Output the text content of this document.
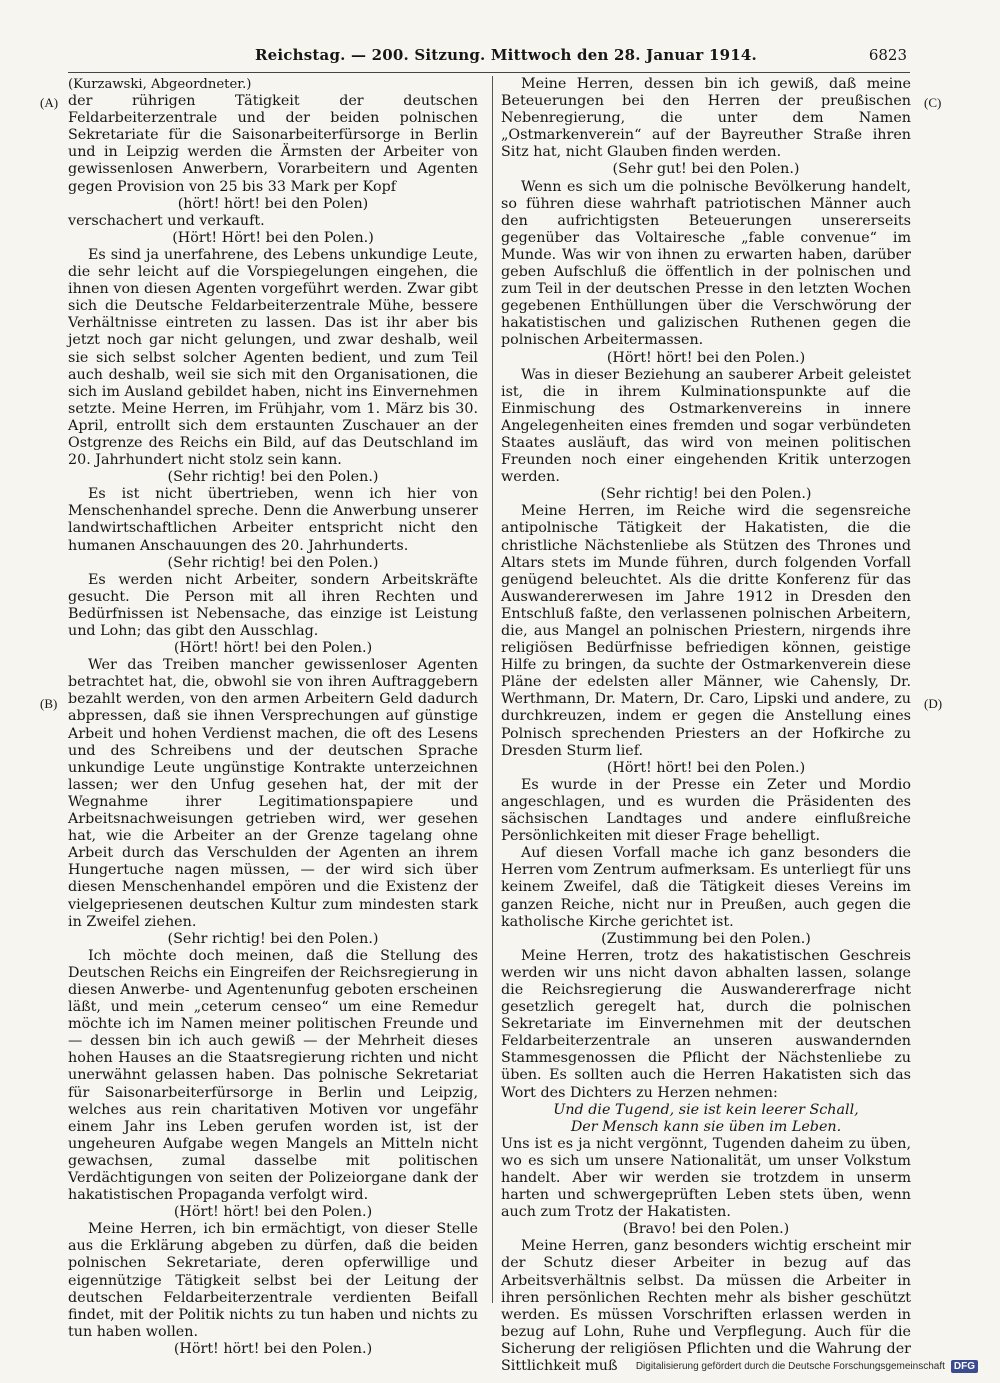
Reichstag. — 200. Sitzung. Mittwoch den 28. Januar 1914.	6823
(A)
(B)
(C)
(D)

(Kurzawski, Abgeordneter.)

der rührigen Tätigkeit der deutschen Feldarbeiterzentrale und der beiden polnischen Sekretariate für die Saisonarbeiterfürsorge in Berlin und in Leipzig werden die Ärmsten der Arbeiter von gewissenlosen Anwerbern, Vorarbeitern und Agenten gegen Provision von 25 bis 33 Mark per Kopf

(hört! hört! bei den Polen)

verschachert und verkauft.

(Hört! Hört! bei den Polen.)

Es sind ja unerfahrene, des Lebens unkundige Leute, die sehr leicht auf die Vorspiegelungen eingehen, die ihnen von diesen Agenten vorgeführt werden. Zwar gibt sich die Deutsche Feldarbeiterzentrale Mühe, bessere Verhältnisse eintreten zu lassen. Das ist ihr aber bis jetzt noch gar nicht gelungen, und zwar deshalb, weil sie sich selbst solcher Agenten bedient, und zum Teil auch deshalb, weil sie sich mit den Organisationen, die sich im Ausland gebildet haben, nicht ins Einvernehmen setzte. Meine Herren, im Frühjahr, vom 1. März bis 30. April, entrollt sich dem erstaunten Zuschauer an der Ostgrenze des Reichs ein Bild, auf das Deutschland im 20. Jahrhundert nicht stolz sein kann.

(Sehr richtig! bei den Polen.)

Es ist nicht übertrieben, wenn ich hier von Menschenhandel spreche. Denn die Anwerbung unserer landwirtschaftlichen Arbeiter entspricht nicht den humanen Anschauungen des 20. Jahrhunderts.

(Sehr richtig! bei den Polen.)

Es werden nicht Arbeiter, sondern Arbeitskräfte gesucht. Die Person mit all ihren Rechten und Bedürfnissen ist Nebensache, das einzige ist Leistung und Lohn; das gibt den Ausschlag.

(Hört! hört! bei den Polen.)

Wer das Treiben mancher gewissenloser Agenten betrachtet hat, die, obwohl sie von ihren Auftraggebern bezahlt werden, von den armen Arbeitern Geld dadurch abpressen, daß sie ihnen Versprechungen auf günstige Arbeit und hohen Verdienst machen, die oft des Lesens und des Schreibens und der deutschen Sprache unkundige Leute ungünstige Kontrakte unterzeichnen lassen; wer den Unfug gesehen hat, der mit der Wegnahme ihrer Legitimationspapiere und Arbeitsnachweisungen getrieben wird, wer gesehen hat, wie die Arbeiter an der Grenze tagelang ohne Arbeit durch das Verschulden der Agenten an ihrem Hungertuche nagen müssen, — der wird sich über diesen Menschenhandel empören und die Existenz der vielgepriesenen deutschen Kultur zum mindesten stark in Zweifel ziehen.

(Sehr richtig! bei den Polen.)

Ich möchte doch meinen, daß die Stellung des Deutschen Reichs ein Eingreifen der Reichsregierung in diesen Anwerbe- und Agentenunfug geboten erscheinen läßt, und mein „ceterum censeo“ um eine Remedur möchte ich im Namen meiner politischen Freunde und — dessen bin ich auch gewiß — der Mehrheit dieses hohen Hauses an die Staatsregierung richten und nicht unerwähnt gelassen haben. Das polnische Sekretariat für Saisonarbeiterfürsorge in Berlin und Leipzig, welches aus rein charitativen Motiven vor ungefähr einem Jahr ins Leben gerufen worden ist, ist der ungeheuren Aufgabe wegen Mangels an Mitteln nicht gewachsen, zumal dasselbe mit politischen Verdächtigungen von seiten der Polizeiorgane dank der hakatistischen Propaganda verfolgt wird.

(Hört! hört! bei den Polen.)

Meine Herren, ich bin ermächtigt, von dieser Stelle aus die Erklärung abgeben zu dürfen, daß die beiden polnischen Sekretariate, deren opferwillige und eigennützige Tätigkeit selbst bei der Leitung der deutschen Feldarbeiterzentrale verdienten Beifall findet, mit der Politik nichts zu tun haben und nichts zu tun haben wollen.

(Hört! hört! bei den Polen.)

Meine Herren, dessen bin ich gewiß, daß meine Beteuerungen bei den Herren der preußischen Nebenregierung, die unter dem Namen „Ostmarkenverein“ auf der Bayreuther Straße ihren Sitz hat, nicht Glauben finden werden.

(Sehr gut! bei den Polen.)

Wenn es sich um die polnische Bevölkerung handelt, so führen diese wahrhaft patriotischen Männer auch den aufrichtigsten Beteuerungen unsererseits gegenüber das Voltairesche „fable convenue“ im Munde. Was wir von ihnen zu erwarten haben, darüber geben Aufschluß die öffentlich in der polnischen und zum Teil in der deutschen Presse in den letzten Wochen gegebenen Enthüllungen über die Verschwörung der hakatistischen und galizischen Ruthenen gegen die polnischen Arbeitermassen.

(Hört! hört! bei den Polen.)

Was in dieser Beziehung an sauberer Arbeit geleistet ist, die in ihrem Kulminationspunkte auf die Einmischung des Ostmarkenvereins in innere Angelegenheiten eines fremden und sogar verbündeten Staates ausläuft, das wird von meinen politischen Freunden noch einer eingehenden Kritik unterzogen werden.

(Sehr richtig! bei den Polen.)

Meine Herren, im Reiche wird die segensreiche antipolnische Tätigkeit der Hakatisten, die die christliche Nächstenliebe als Stützen des Thrones und Altars stets im Munde führen, durch folgenden Vorfall genügend beleuchtet. Als die dritte Konferenz für das Auswandererwesen im Jahre 1912 in Dresden den Entschluß faßte, den verlassenen polnischen Arbeitern, die, aus Mangel an polnischen Priestern, nirgends ihre religiösen Bedürfnisse befriedigen können, geistige Hilfe zu bringen, da suchte der Ostmarkenverein diese Pläne der edelsten aller Männer, wie Cahensly, Dr. Werthmann, Dr. Matern, Dr. Caro, Lipski und andere, zu durchkreuzen, indem er gegen die Anstellung eines Polnisch sprechenden Priesters an der Hofkirche zu Dresden Sturm lief.

(Hört! hört! bei den Polen.)

Es wurde in der Presse ein Zeter und Mordio angeschlagen, und es wurden die Präsidenten des sächsischen Landtages und andere einflußreiche Persönlichkeiten mit dieser Frage behelligt.

Auf diesen Vorfall mache ich ganz besonders die Herren vom Zentrum aufmerksam. Es unterliegt für uns keinem Zweifel, daß die Tätigkeit dieses Vereins im ganzen Reiche, nicht nur in Preußen, auch gegen die katholische Kirche gerichtet ist.

(Zustimmung bei den Polen.)

Meine Herren, trotz des hakatistischen Geschreis werden wir uns nicht davon abhalten lassen, solange die Reichsregierung die Auswandererfrage nicht gesetzlich geregelt hat, durch die polnischen Sekretariate im Einvernehmen mit der deutschen Feldarbeiterzentrale an unseren auswandernden Stammesgenossen die Pflicht der Nächstenliebe zu üben. Es sollten auch die Herren Hakatisten sich das Wort des Dichters zu Herzen nehmen:

Und die Tugend, sie ist kein leerer Schall,

Der Mensch kann sie üben im Leben.

Uns ist es ja nicht vergönnt, Tugenden daheim zu üben, wo es sich um unsere Nationalität, um unser Volkstum handelt. Aber wir werden sie trotzdem in unserm harten und schwergeprüften Leben stets üben, wenn auch zum Trotz der Hakatisten.

(Bravo! bei den Polen.)

Meine Herren, ganz besonders wichtig erscheint mir der Schutz dieser Arbeiter in bezug auf das Arbeitsverhältnis selbst. Da müssen die Arbeiter in ihren persönlichen Rechten mehr als bisher geschützt werden. Es müssen Vorschriften erlassen werden in bezug auf Lohn, Ruhe und Verpflegung. Auch für die Sicherung der religiösen Pflichten und die Wahrung der Sittlichkeit muß	Digitalisierung gefördert durch die Deutsche Forschungsgemeinschaft DFG
